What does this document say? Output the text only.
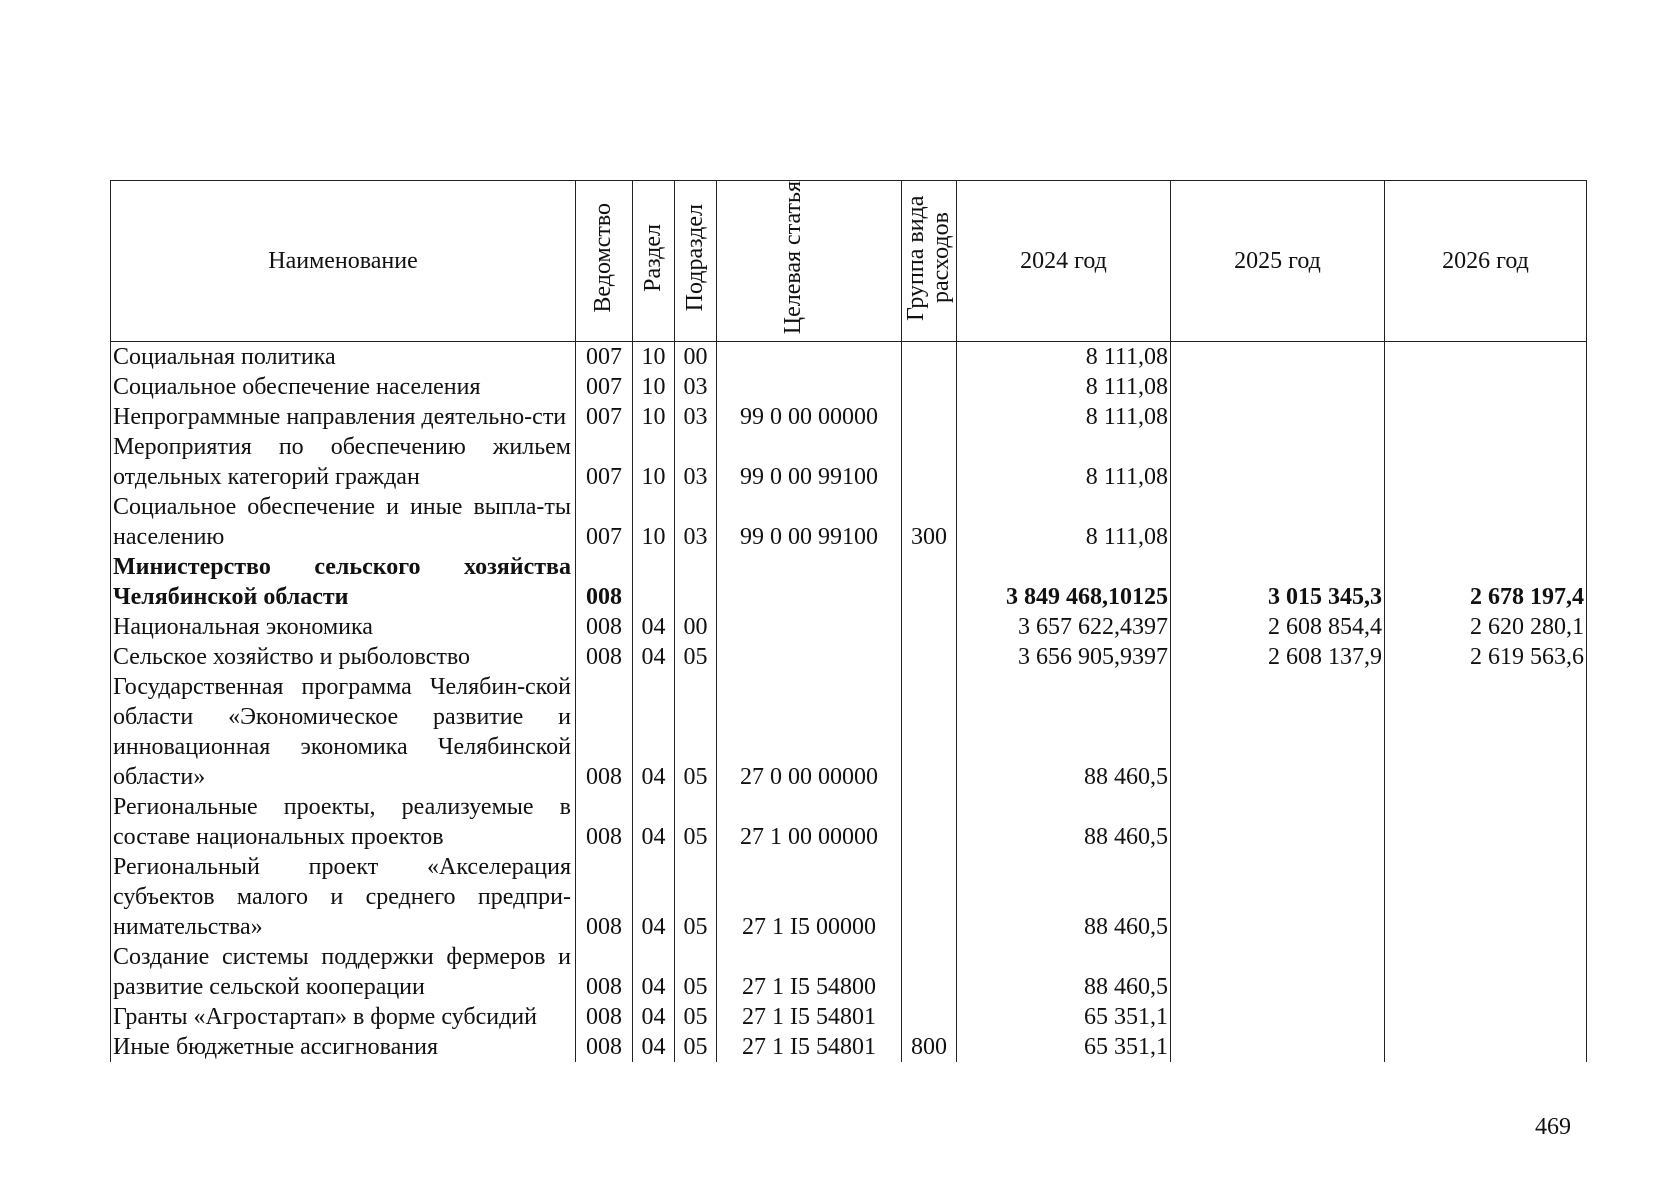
Наименование	Ведомство	Раздел	Подраздел	Целевая статья	Группа вида расходов	2024 год	2025 год	2026 год
Социальная политика	007	10	00			8 111,08		
Социальное обеспечение населения	007	10	03			8 111,08		
Непрограммные направления деятельно-сти	007	10	03	99 0 00 00000		8 111,08		
Мероприятия по обеспечению жильем отдельных категорий граждан	007	10	03	99 0 00 99100		8 111,08		
Социальное обеспечение и иные выпла-ты населению	007	10	03	99 0 00 99100	300	8 111,08		
Министерство сельского хозяйства Челябинской области	008					3 849 468,10125	3 015 345,3	2 678 197,4
Национальная экономика	008	04	00			3 657 622,4397	2 608 854,4	2 620 280,1
Сельское хозяйство и рыболовство	008	04	05			3 656 905,9397	2 608 137,9	2 619 563,6
Государственная программа Челябин-ской области «Экономическое развитие и инновационная экономика Челябинской области»	008	04	05	27 0 00 00000		88 460,5		
Региональные проекты, реализуемые в составе национальных проектов	008	04	05	27 1 00 00000		88 460,5		
Региональный проект «Акселерация субъектов малого и среднего предпри-нимательства»	008	04	05	27 1 I5 00000		88 460,5		
Создание системы поддержки фермеров и развитие сельской кооперации	008	04	05	27 1 I5 54800		88 460,5		
Гранты «Агростартап» в форме субсидий	008	04	05	27 1 I5 54801		65 351,1		
Иные бюджетные ассигнования	008	04	05	27 1 I5 54801	800	65 351,1		
469
